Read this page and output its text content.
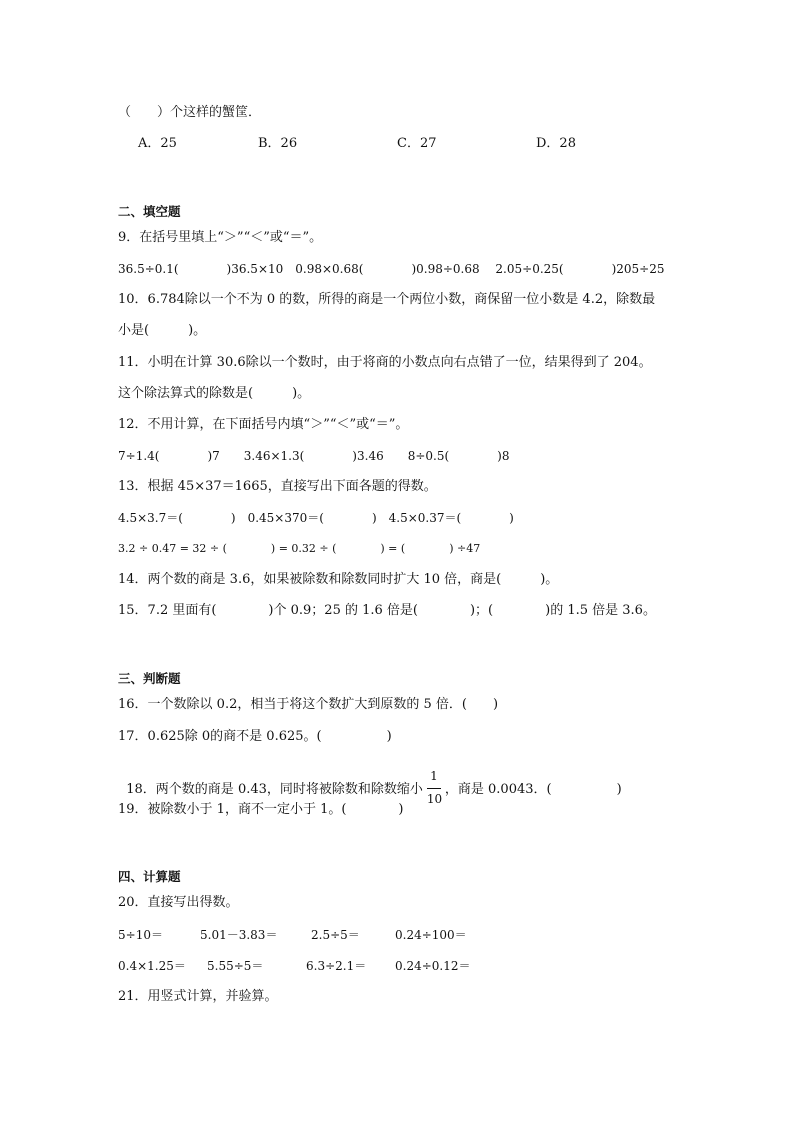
（　　）个这样的蟹筐．
A．25	B．26	C．27	D．28
二、填空题
9．在括号里填上“＞”“＜”或“＝”。
36.5÷0.1(　　　　)36.5×10　0.98×0.68(　　　　)0.98÷0.68　 2.05÷0.25(　　　　)205÷25
10．6.784除以一个不为 0 的数，所得的商是一个两位小数，商保留一位小数是 4.2，除数最
小是(　　　)。
11．小明在计算 30.6除以一个数时，由于将商的小数点向右点错了一位，结果得到了 204。
这个除法算式的除数是(　　　)。
12．不用计算，在下面括号内填“＞”“＜”或“＝”。
7÷1.4(　　　　)7　　3.46×1.3(　　　　)3.46　　8÷0.5(　　　　)8
13．根据 45×37＝1665，直接写出下面各题的得数。
4.5×3.7＝(　　　　)　0.45×370＝(　　　　)　4.5×0.37＝(　　　　)
3.2 ÷ 0.47 = 32 ÷ (　　　　) = 0.32 ÷ (　　　　) = (　　　　) ÷47
14．两个数的商是 3.6，如果被除数和除数同时扩大 10 倍，商是(　　　)。
15．7.2 里面有(　　　　)个 0.9；25 的 1.6 倍是(　　　　)；(　　　　)的 1.5 倍是 3.6。
三、判断题
16．一个数除以 0.2，相当于将这个数扩大到原数的 5 倍．(　　)
17．0.625除 0的商不是 0.625。(　　　　　)

18．两个数的商是 0.43，同时将被除数和除数缩小 $\frac{1}{10}$ ，商是 0.0043．(　　　　　)

19．被除数小于 1，商不一定小于 1。(　　　　)
四、计算题
20．直接写出得数。
5÷10＝	5.01－3.83＝	2.5÷5＝	0.24÷100＝
0.4×1.25＝ 5.55÷5＝	6.3÷2.1＝ 0.24÷0.12＝
21．用竖式计算，并验算。
